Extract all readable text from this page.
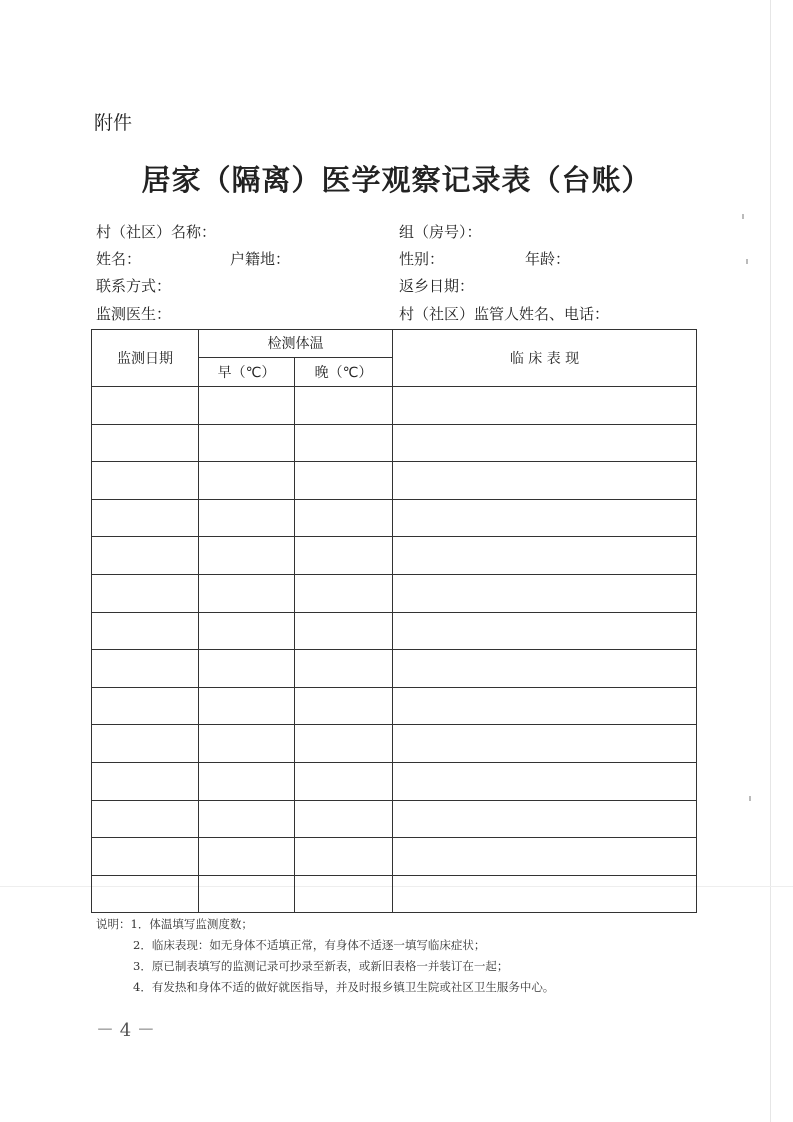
附件
居家（隔离）医学观察记录表（台账）
村（社区）名称：	组（房号）：
姓名：	户籍地：	性别：	年龄：
联系方式：	返乡日期：
监测医生：	村（社区）监管人姓名、电话：
监测日期	检测体温		临 床 表 现
	早（℃）	晚（℃）	

说明：1．体温填写监测度数；
2．临床表现：如无身体不适填正常，有身体不适逐一填写临床症状；
3．原已制表填写的监测记录可抄录至新表，或新旧表格一并装订在一起；
4．有发热和身体不适的做好就医指导，并及时报乡镇卫生院或社区卫生服务中心。
－ 4 －
